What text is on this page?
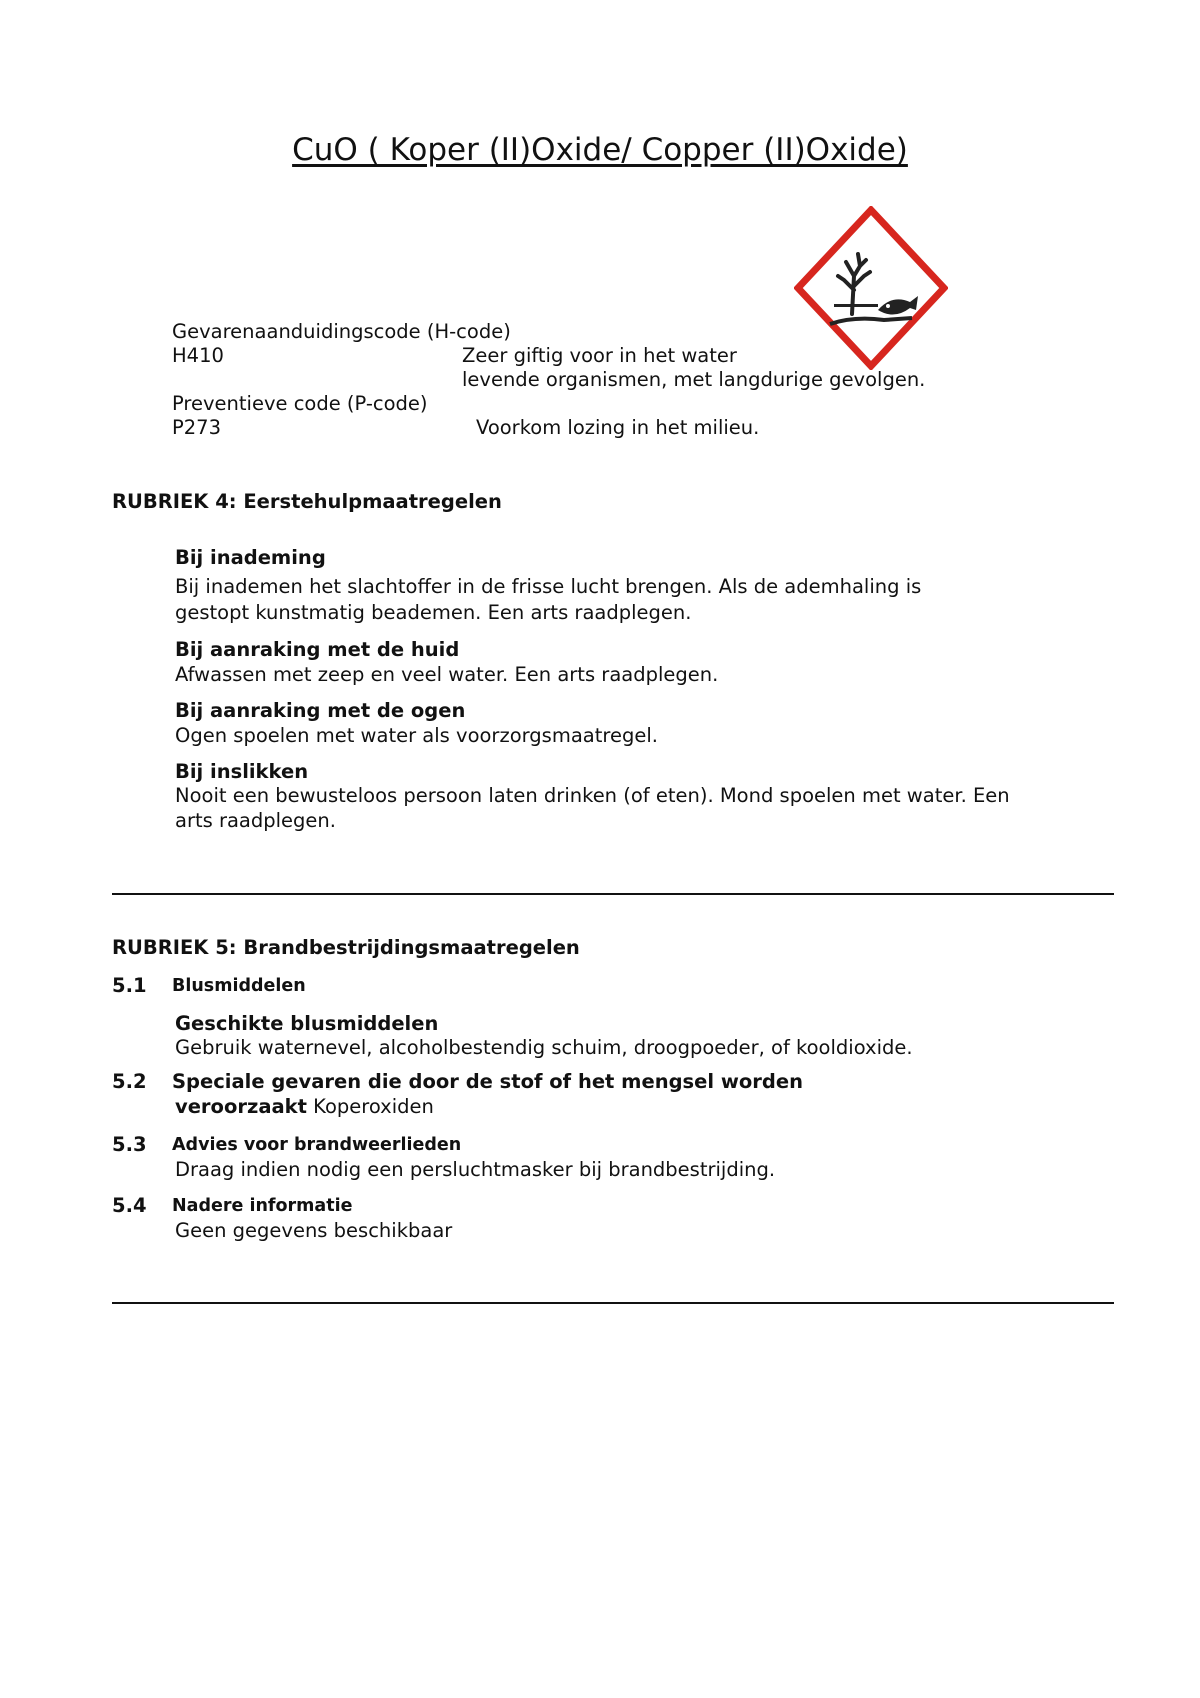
CuO ( Koper (II)Oxide/ Copper (II)Oxide)
Gevarenaanduidingscode (H-code)
H410	Zeer giftig voor in het water
levende organismen, met langdurige gevolgen.
Preventieve code (P-code)
P273	Voorkom lozing in het milieu.
RUBRIEK 4: Eerstehulpmaatregelen
Bij inademing
Bij inademen het slachtoffer in de frisse lucht brengen. Als de ademhaling is
gestopt kunstmatig beademen. Een arts raadplegen.
Bij aanraking met de huid
Afwassen met zeep en veel water. Een arts raadplegen.
Bij aanraking met de ogen
Ogen spoelen met water als voorzorgsmaatregel.
Bij inslikken
Nooit een bewusteloos persoon laten drinken (of eten). Mond spoelen met water. Een
arts raadplegen.
RUBRIEK 5: Brandbestrijdingsmaatregelen
5.1 Blusmiddelen
Geschikte blusmiddelen
Gebruik waternevel, alcoholbestendig schuim, droogpoeder, of kooldioxide.
5.2 Speciale gevaren die door de stof of het mengsel worden
veroorzaakt Koperoxiden
5.3 Advies voor brandweerlieden
Draag indien nodig een persluchtmasker bij brandbestrijding.
5.4 Nadere informatie
Geen gegevens beschikbaar
